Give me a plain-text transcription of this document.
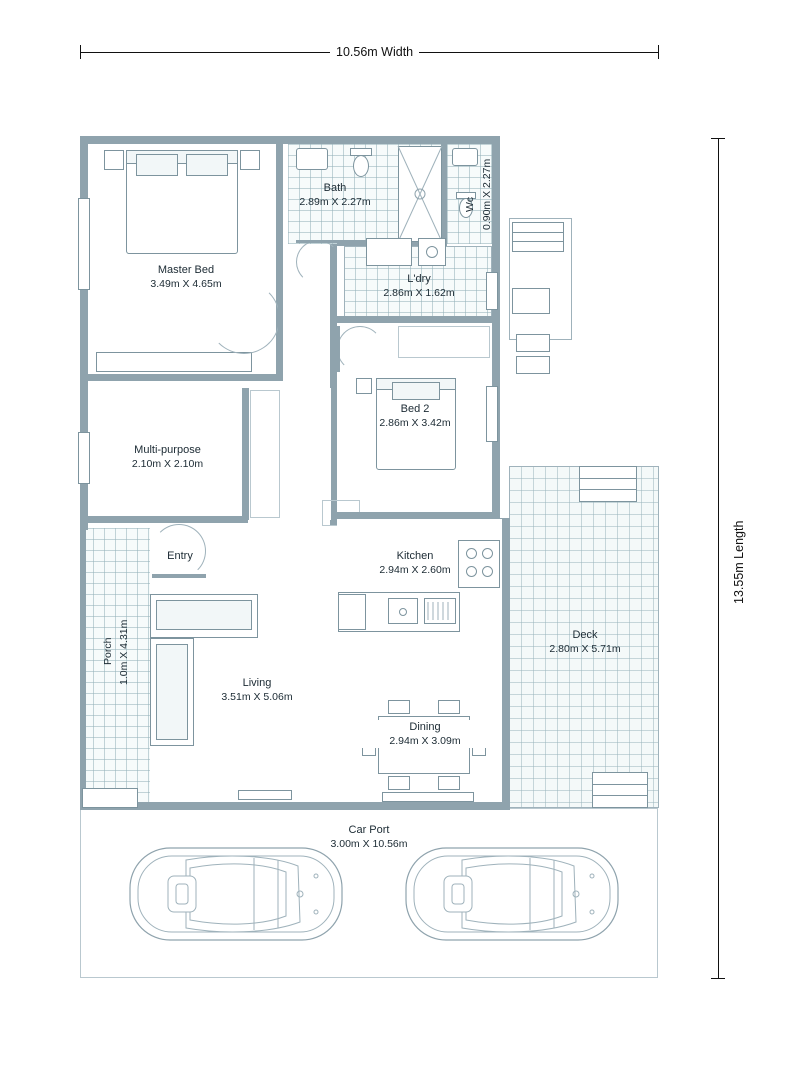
10.56m Width
13.55m Length
Master Bed
3.49m X 4.65m
Multi-purpose
2.10m X 2.10m
Bath
2.89m X 2.27m	Wc 0.90m X 2.27m
L'dry
2.86m X 1.62m
Bed 2
2.86m X 3.42m
Entry
Living
3.51m X 5.06m
Porch 1.0m X 4.31m
Kitchen
2.94m X 2.60m
Dining
2.94m X 3.09m
Deck
2.80m X 5.71m
Car Port
3.00m X 10.56m
